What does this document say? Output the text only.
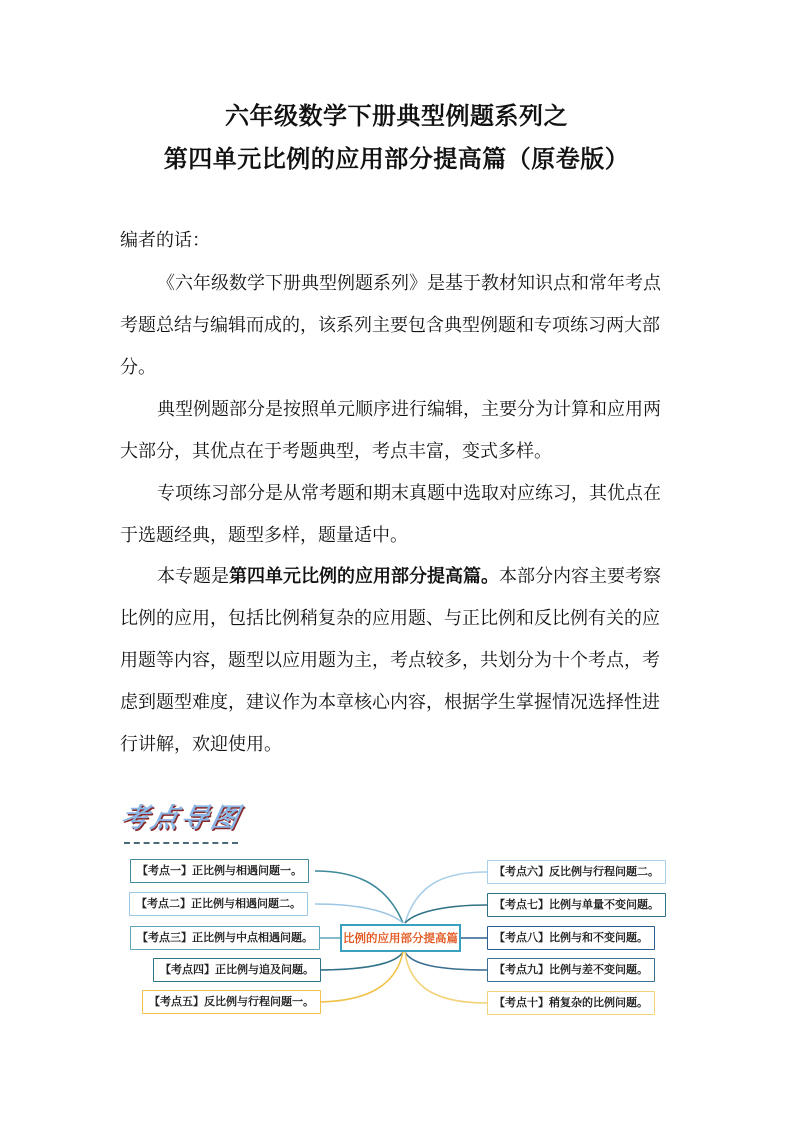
六年级数学下册典型例题系列之
第四单元比例的应用部分提高篇（原卷版）
编者的话：
《六年级数学下册典型例题系列》是基于教材知识点和常年考点
考题总结与编辑而成的，该系列主要包含典型例题和专项练习两大部
分。
典型例题部分是按照单元顺序进行编辑，主要分为计算和应用两
大部分，其优点在于考题典型，考点丰富，变式多样。
专项练习部分是从常考题和期末真题中选取对应练习，其优点在
于选题经典，题型多样，题量适中。
本专题是第四单元比例的应用部分提高篇。本部分内容主要考察
比例的应用，包括比例稍复杂的应用题、与正比例和反比例有关的应
用题等内容，题型以应用题为主，考点较多，共划分为十个考点，考
虑到题型难度，建议作为本章核心内容，根据学生掌握情况选择性进
行讲解，欢迎使用。
考点导图
【考点一】正比例与相遇问题一。
【考点二】正比例与相遇问题二。
【考点三】正比例与中点相遇问题。
【考点四】正比例与追及问题。
【考点五】反比例与行程问题一。
比例的应用部分提高篇
【考点六】反比例与行程问题二。
【考点七】比例与单量不变问题。
【考点八】比例与和不变问题。
【考点九】比例与差不变问题。
【考点十】稍复杂的比例问题。
